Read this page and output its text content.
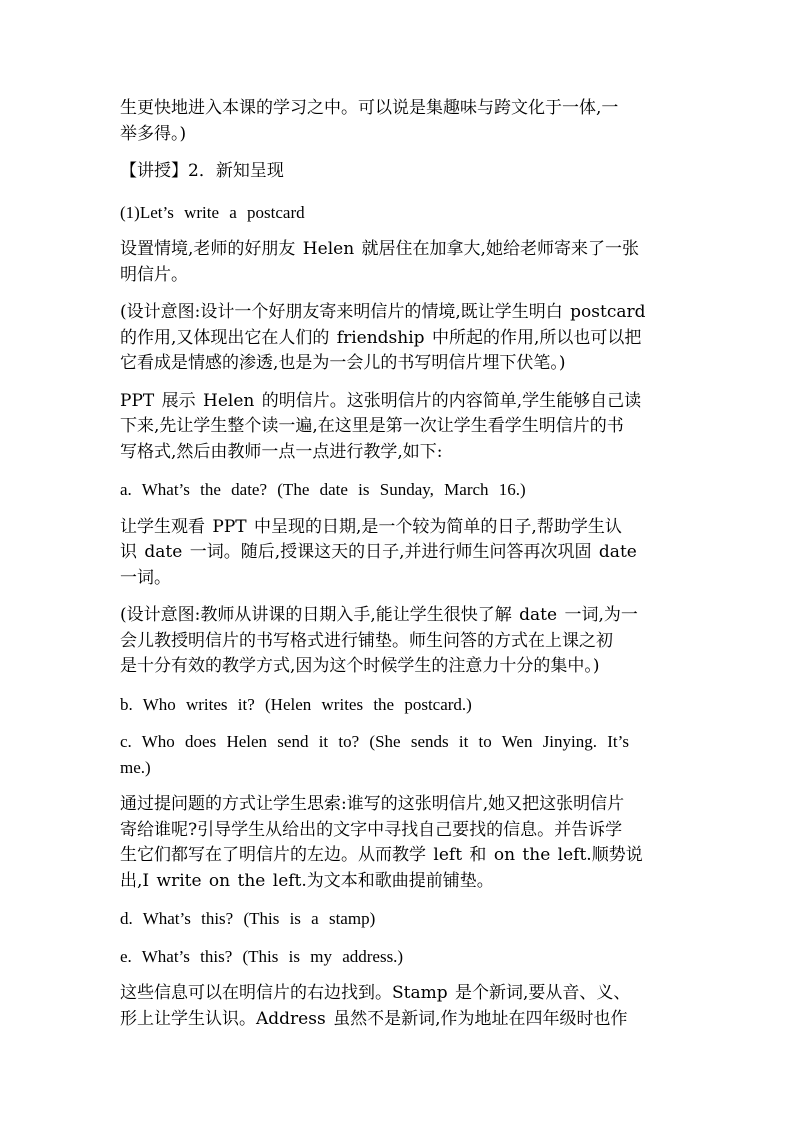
生更快地进入本课的学习之中。可以说是集趣味与跨文化于一体,一
举多得。)

【讲授】2．新知呈现

(1)Let’s write a postcard

设置情境,老师的好朋友 Helen 就居住在加拿大,她给老师寄来了一张
明信片。

(设计意图:设计一个好朋友寄来明信片的情境,既让学生明白 postcard
的作用,又体现出它在人们的 friendship 中所起的作用,所以也可以把
它看成是情感的渗透,也是为一会儿的书写明信片埋下伏笔。)

PPT 展示 Helen 的明信片。这张明信片的内容简单,学生能够自己读
下来,先让学生整个读一遍,在这里是第一次让学生看学生明信片的书
写格式,然后由教师一点一点进行教学,如下:

a. What’s the date? (The date is Sunday, March 16.)

让学生观看 PPT 中呈现的日期,是一个较为简单的日子,帮助学生认
识 date 一词。随后,授课这天的日子,并进行师生问答再次巩固 date
一词。

(设计意图:教师从讲课的日期入手,能让学生很快了解 date 一词,为一
会儿教授明信片的书写格式进行铺垫。师生问答的方式在上课之初
是十分有效的教学方式,因为这个时候学生的注意力十分的集中。)

b. Who writes it? (Helen writes the postcard.)

c. Who does Helen send it to? (She sends it to Wen Jinying. It’s
me.)

通过提问题的方式让学生思索:谁写的这张明信片,她又把这张明信片
寄给谁呢?引导学生从给出的文字中寻找自己要找的信息。并告诉学
生它们都写在了明信片的左边。从而教学 left 和 on the left.顺势说
出,I write on the left.为文本和歌曲提前铺垫。

d. What’s this? (This is a stamp)

e. What’s this? (This is my address.)

这些信息可以在明信片的右边找到。Stamp 是个新词,要从音、义、
形上让学生认识。Address 虽然不是新词,作为地址在四年级时也作
